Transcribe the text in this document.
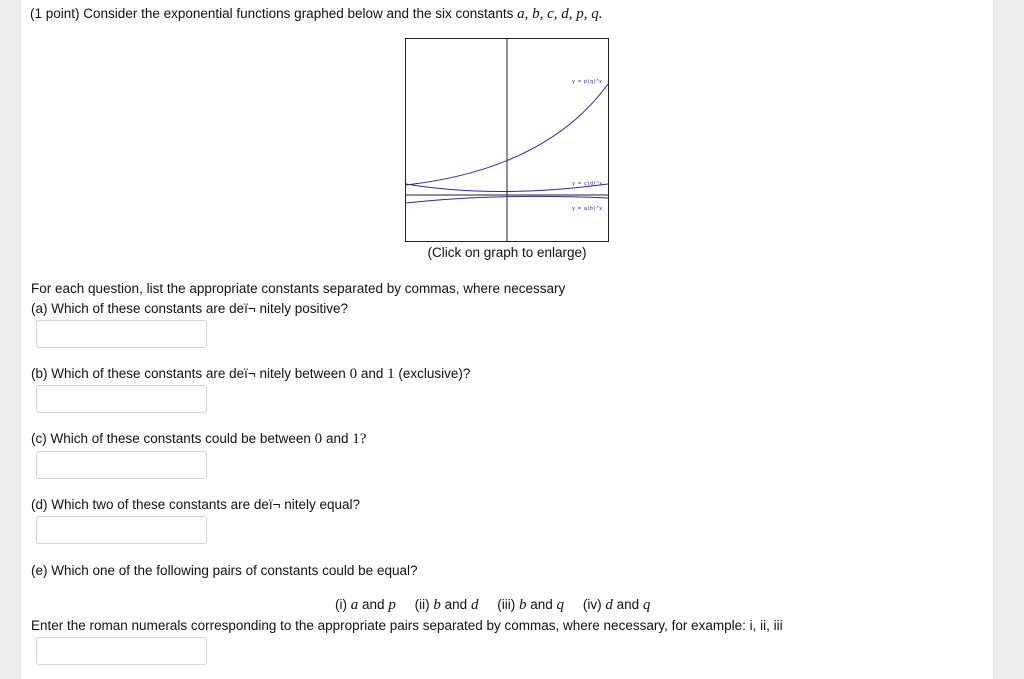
(1 point) Consider the exponential functions graphed below and the six constants a, b, c, d, p, q.
y = p(q)^x
y = c(d)^x
y = a(b)^x
(Click on graph to enlarge)
For each question, list the appropriate constants separated by commas, where necessary
(a) Which of these constants are deï¬ nitely positive?
(b) Which of these constants are deï¬ nitely between 0 and 1 (exclusive)?
(c) Which of these constants could be between 0 and 1?
(d) Which two of these constants are deï¬ nitely equal?
(e) Which one of the following pairs of constants could be equal?
(i) a and p (ii) b and d (iii) b and q (iv) d and q
Enter the roman numerals corresponding to the appropriate pairs separated by commas, where necessary, for example: i, ii, iii
